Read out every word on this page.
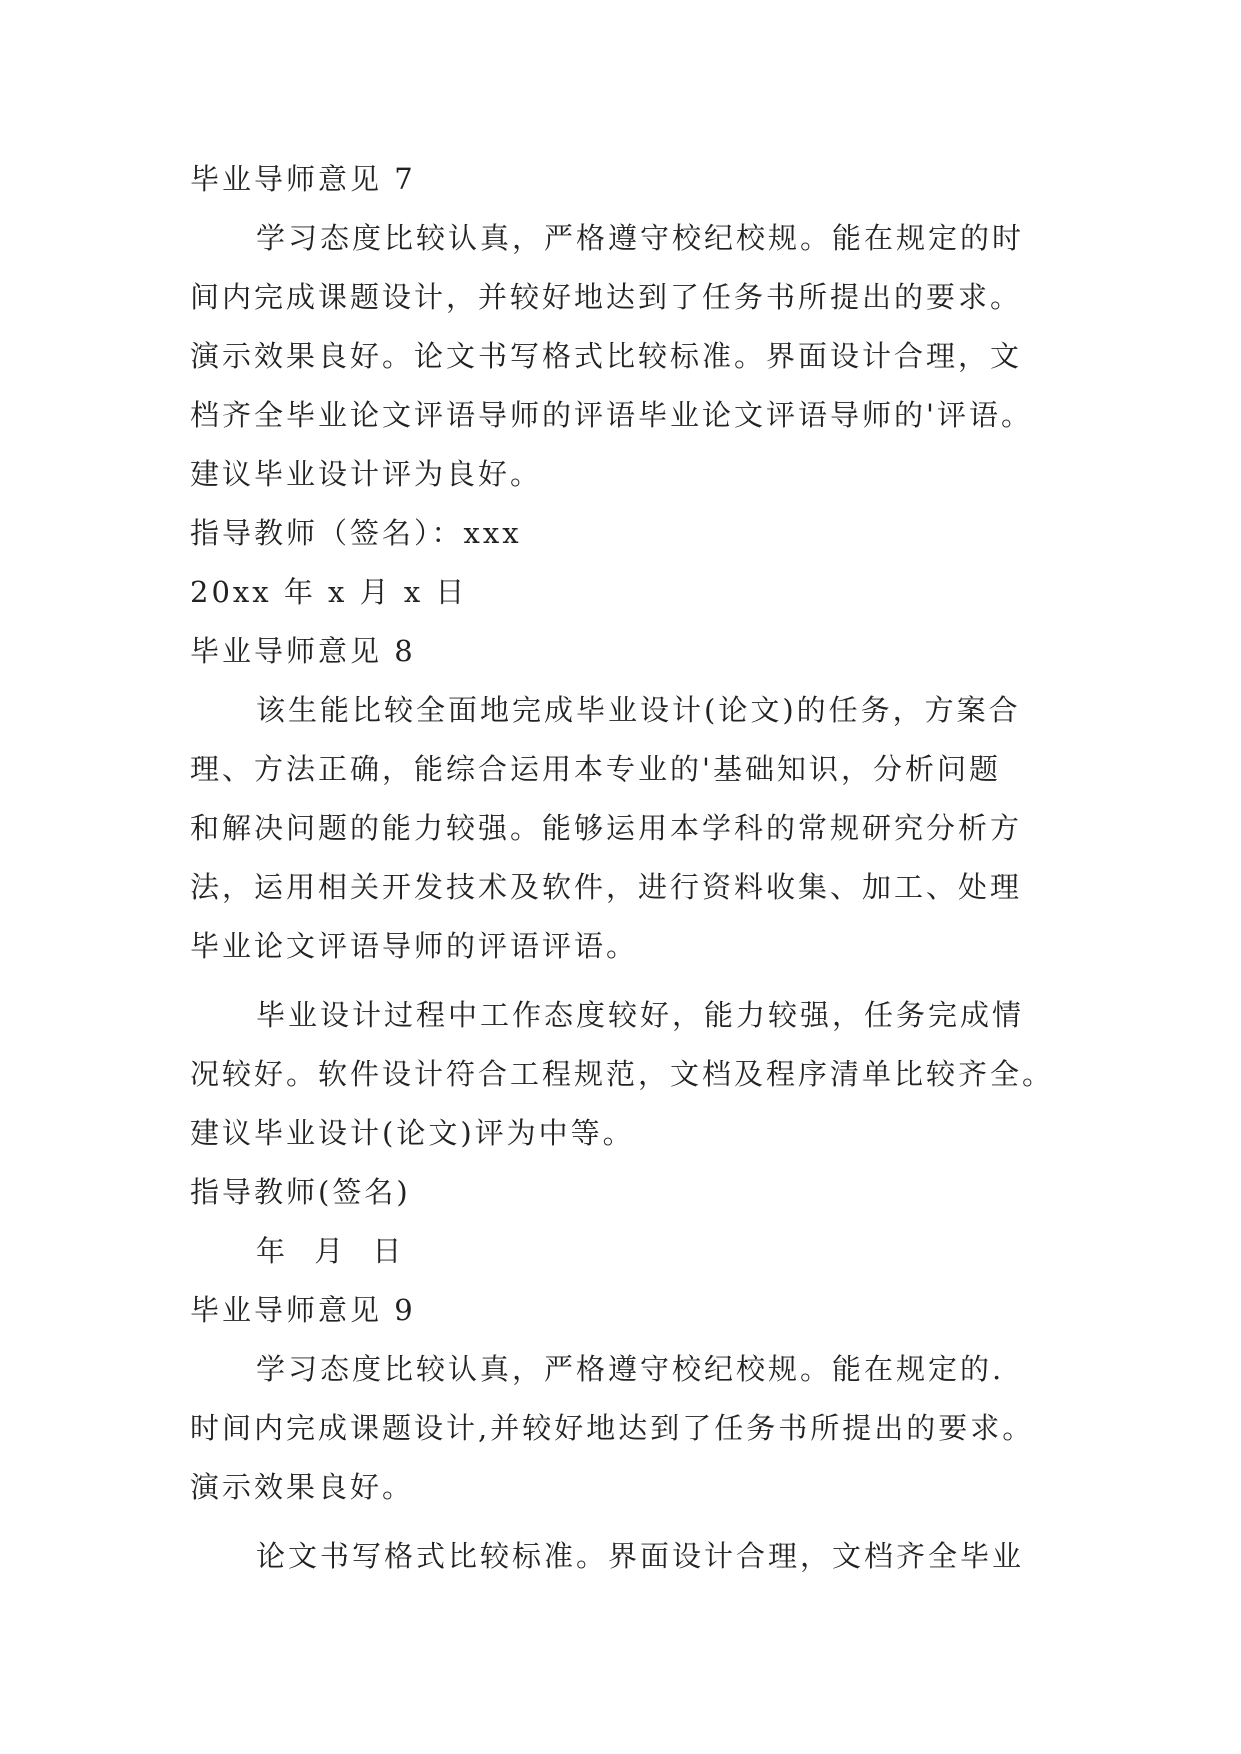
毕业导师意见 7
学习态度比较认真，严格遵守校纪校规。能在规定的时
间内完成课题设计，并较好地达到了任务书所提出的要求。
演示效果良好。论文书写格式比较标准。界面设计合理，文
档齐全毕业论文评语导师的评语毕业论文评语导师的'评语。
建议毕业设计评为良好。
指导教师（签名）：xxx
20xx 年 x 月 x 日
毕业导师意见 8
该生能比较全面地完成毕业设计(论文)的任务，方案合
理、方法正确，能综合运用本专业的'基础知识，分析问题
和解决问题的能力较强。能够运用本学科的常规研究分析方
法，运用相关开发技术及软件，进行资料收集、加工、处理
毕业论文评语导师的评语评语。
毕业设计过程中工作态度较好，能力较强，任务完成情
况较好。软件设计符合工程规范，文档及程序清单比较齐全。
建议毕业设计(论文)评为中等。
指导教师(签名)
年 月 日
毕业导师意见 9
学习态度比较认真，严格遵守校纪校规。能在规定的.
时间内完成课题设计,并较好地达到了任务书所提出的要求。
演示效果良好。
论文书写格式比较标准。界面设计合理，文档齐全毕业
